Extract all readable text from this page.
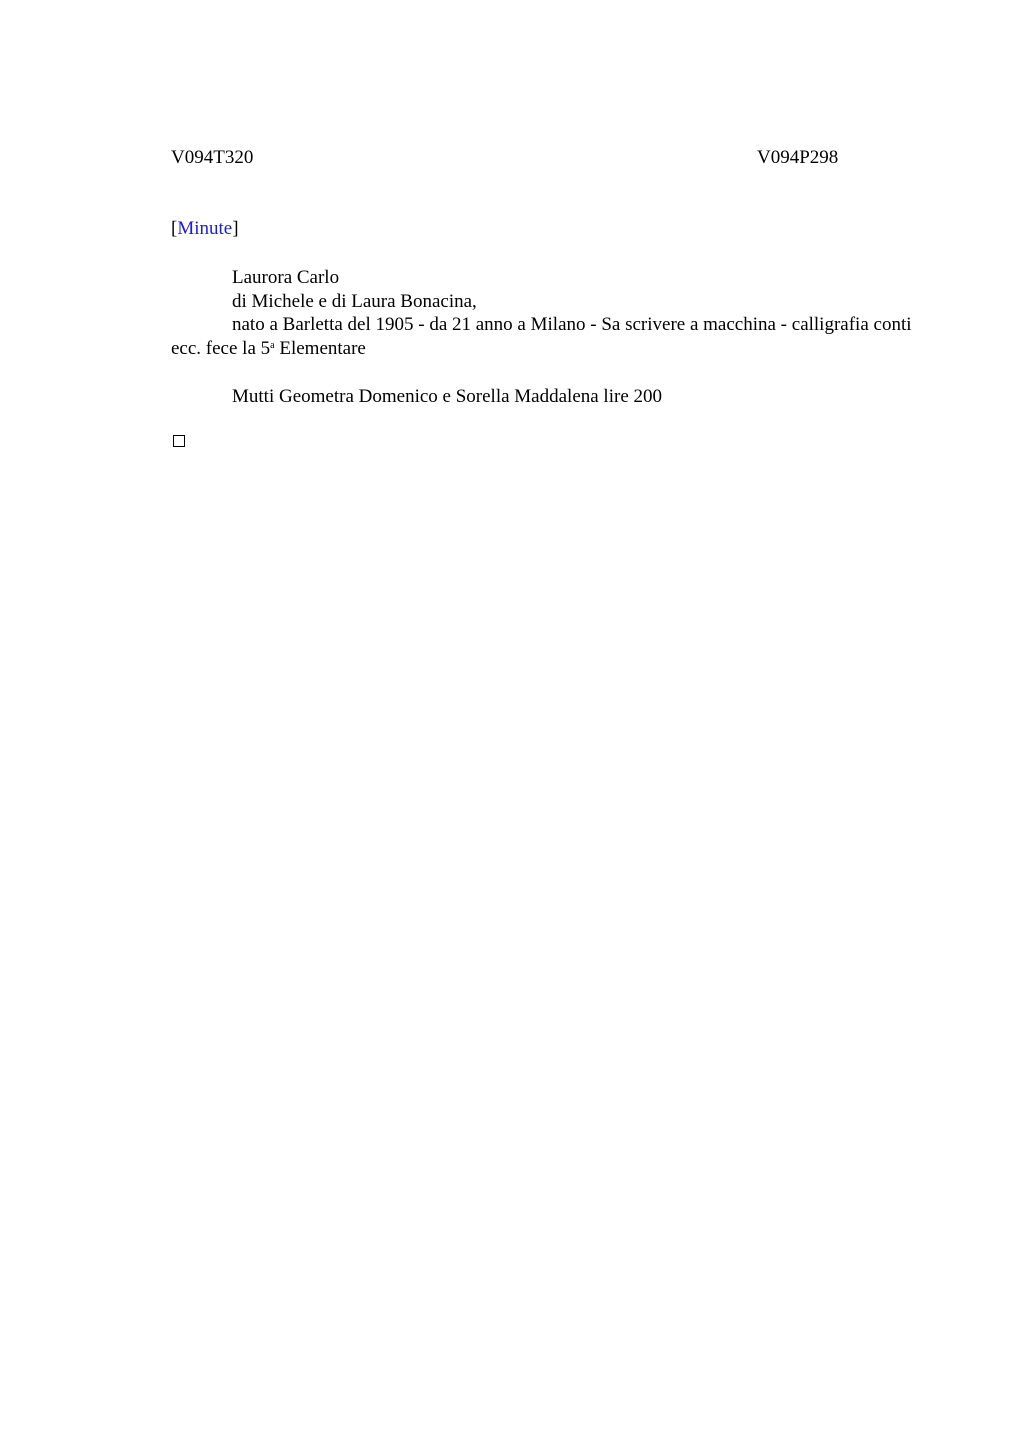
V094T320	V094P298
[Minute]

Laurora Carlo

di Michele e di Laura Bonacina,

nato a Barletta del 1905 - da 21 anno a Milano - Sa scrivere a macchina - calligrafia conti ecc. fece la 5$^a$ Elementare

Mutti Geometra Domenico e Sorella Maddalena lire 200
